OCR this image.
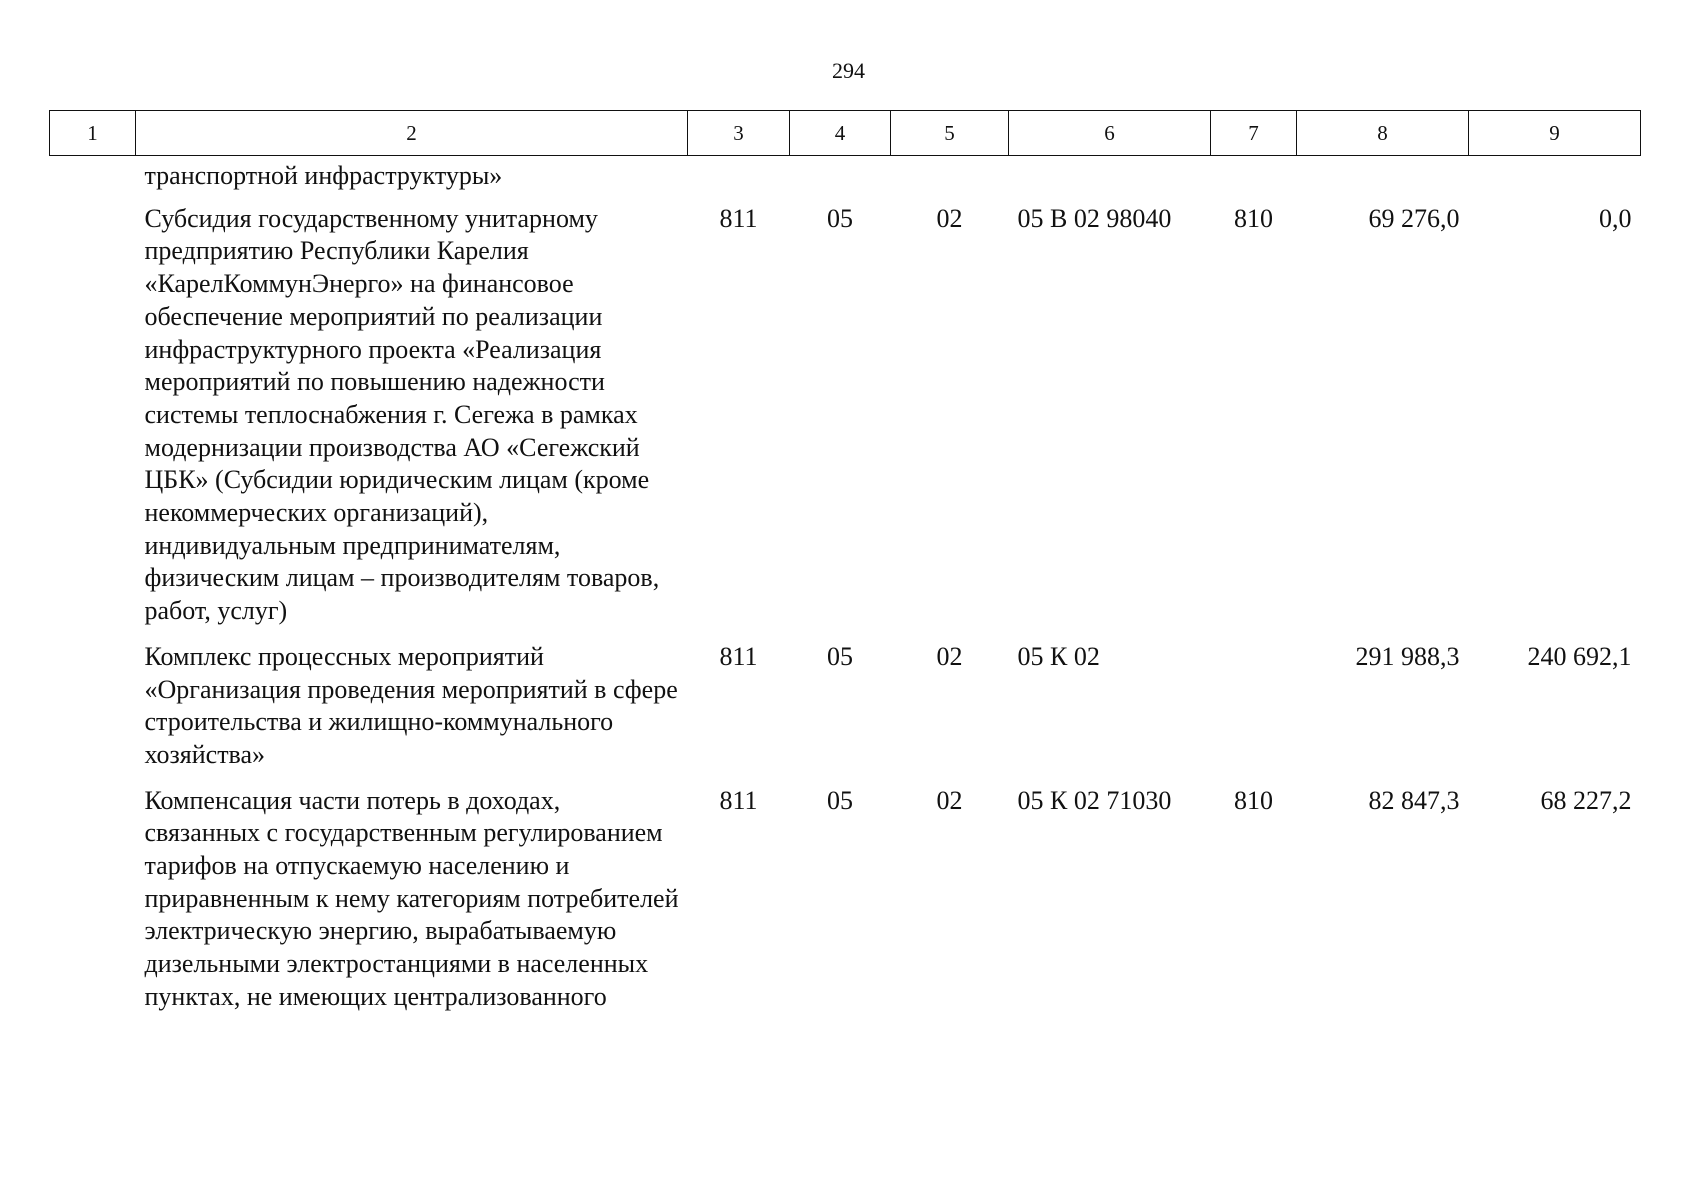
294
1	2	3	4	5	6	7	8	9
	транспортной инфраструктуры»							
	Субсидия государственному унитарному предприятию Республики Карелия «КарелКоммунЭнерго» на финансовое обеспечение мероприятий по реализации инфраструктурного проекта «Реализация мероприятий по повышению надежности системы теплоснабжения г. Сегежа в рамках модернизации производства АО «Сегежский ЦБК» (Субсидии юридическим лицам (кроме некоммерческих организаций), индивидуальным предпринимателям, физическим лицам – производителям товаров, работ, услуг)	811	05	02	05 В 02 98040	810	69 276,0	0,0
	Комплекс процессных мероприятий «Организация проведения мероприятий в сфере строительства и жилищно-коммунального хозяйства»	811	05	02	05 К 02		291 988,3	240 692,1
	Компенсация части потерь в доходах, связанных с государственным регулированием тарифов на отпускаемую населению и приравненным к нему категориям потребителей электрическую энергию, вырабатываемую дизельными электростанциями в населенных пунктах, не имеющих централизованного	811	05	02	05 К 02 71030	810	82 847,3	68 227,2
